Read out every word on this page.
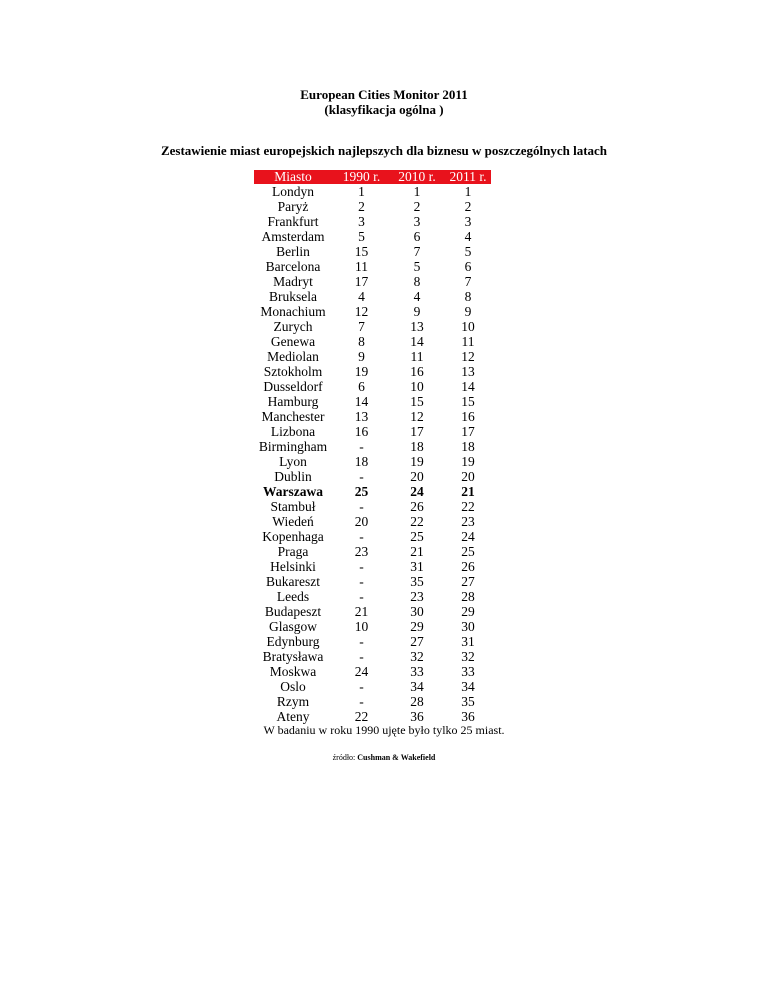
European Cities Monitor 2011
(klasyfikacja ogólna )
Zestawienie miast europejskich najlepszych dla biznesu w poszczególnych latach
Miasto	1990 r.	2010 r.	2011 r.
Londyn	1	1	1
Paryż	2	2	2
Frankfurt	3	3	3
Amsterdam	5	6	4
Berlin	15	7	5
Barcelona	11	5	6
Madryt	17	8	7
Bruksela	4	4	8
Monachium	12	9	9
Zurych	7	13	10
Genewa	8	14	11
Mediolan	9	11	12
Sztokholm	19	16	13
Dusseldorf	6	10	14
Hamburg	14	15	15
Manchester	13	12	16
Lizbona	16	17	17
Birmingham	-	18	18
Lyon	18	19	19
Dublin	-	20	20
Warszawa	25	24	21
Stambuł	-	26	22
Wiedeń	20	22	23
Kopenhaga	-	25	24
Praga	23	21	25
Helsinki	-	31	26
Bukareszt	-	35	27
Leeds	-	23	28
Budapeszt	21	30	29
Glasgow	10	29	30
Edynburg	-	27	31
Bratysława	-	32	32
Moskwa	24	33	33
Oslo	-	34	34
Rzym	-	28	35
Ateny	22	36	36
W badaniu w roku 1990 ujęte było tylko 25 miast.
źródło: Cushman & Wakefield
